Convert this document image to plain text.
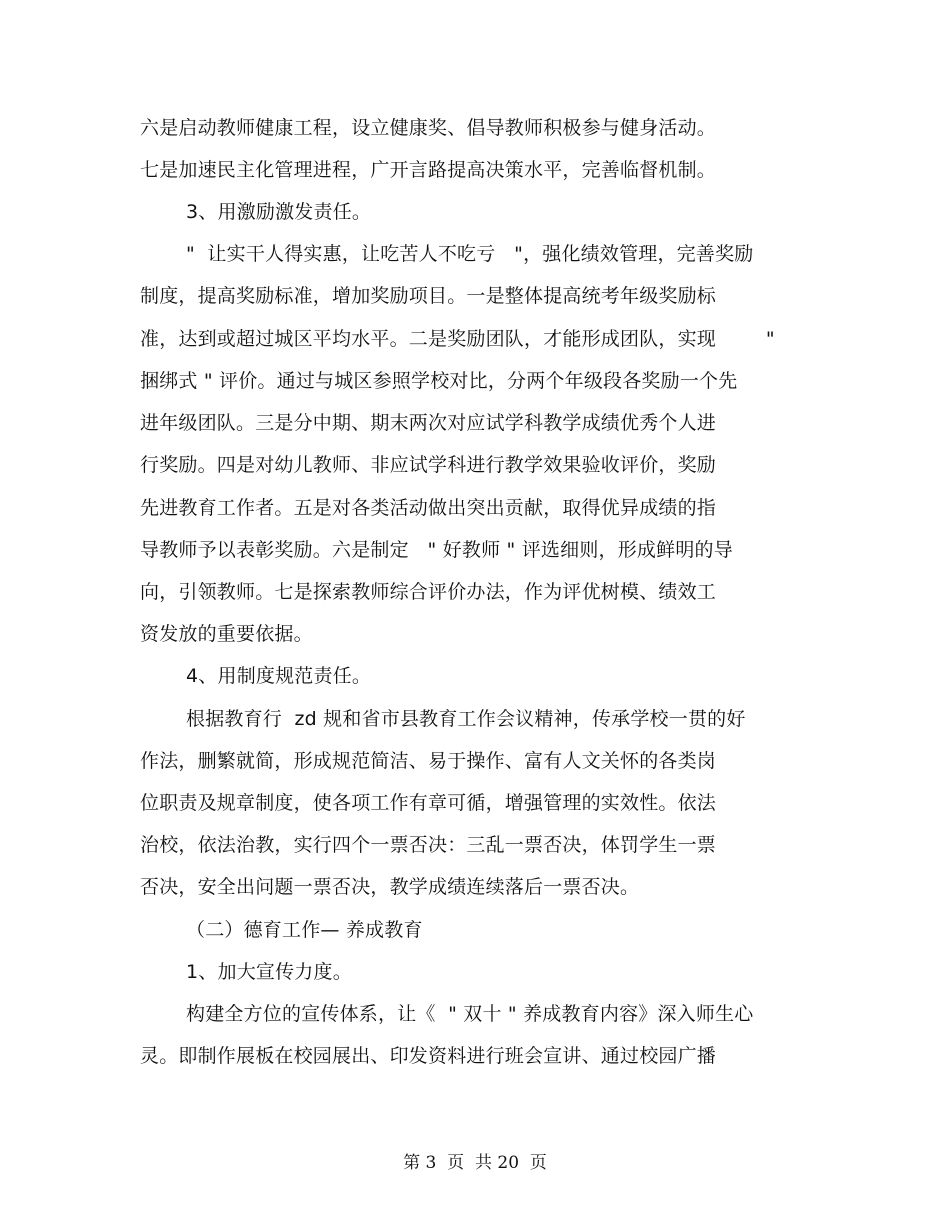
六是启动教师健康工程，设立健康奖、倡导教师积极参与健身活动。
七是加速民主化管理进程，广开言路提高决策水平，完善临督机制。
3、用激励激发责任。
"  让实干人得实惠，让吃苦人不吃亏   "，强化绩效管理，完善奖励
制度，提高奖励标准，增加奖励项目。一是整体提高统考年级奖励标
准，达到或超过城区平均水平。二是奖励团队，才能形成团队，实现        "
捆绑式 " 评价。通过与城区参照学校对比，分两个年级段各奖励一个先
进年级团队。三是分中期、期末两次对应试学科教学成绩优秀个人进
行奖励。四是对幼儿教师、非应试学科进行教学效果验收评价，奖励
先进教育工作者。五是对各类活动做出突出贡献，取得优异成绩的指
导教师予以表彰奖励。六是制定   " 好教师 " 评选细则，形成鲜明的导
向，引领教师。七是探索教师综合评价办法，作为评优树模、绩效工
资发放的重要依据。
4、用制度规范责任。
根据教育行  zd 规和省市县教育工作会议精神，传承学校一贯的好
作法，删繁就简，形成规范简洁、易于操作、富有人文关怀的各类岗
位职责及规章制度，使各项工作有章可循，增强管理的实效性。依法
治校，依法治教，实行四个一票否决：三乱一票否决，体罚学生一票
否决，安全出问题一票否决，教学成绩连续落后一票否决。
（二）德育工作— 养成教育
1、加大宣传力度。
构建全方位的宣传体系，让《  " 双十 " 养成教育内容》深入师生心
灵。即制作展板在校园展出、印发资料进行班会宣讲、通过校园广播
第 3  页  共 20  页
